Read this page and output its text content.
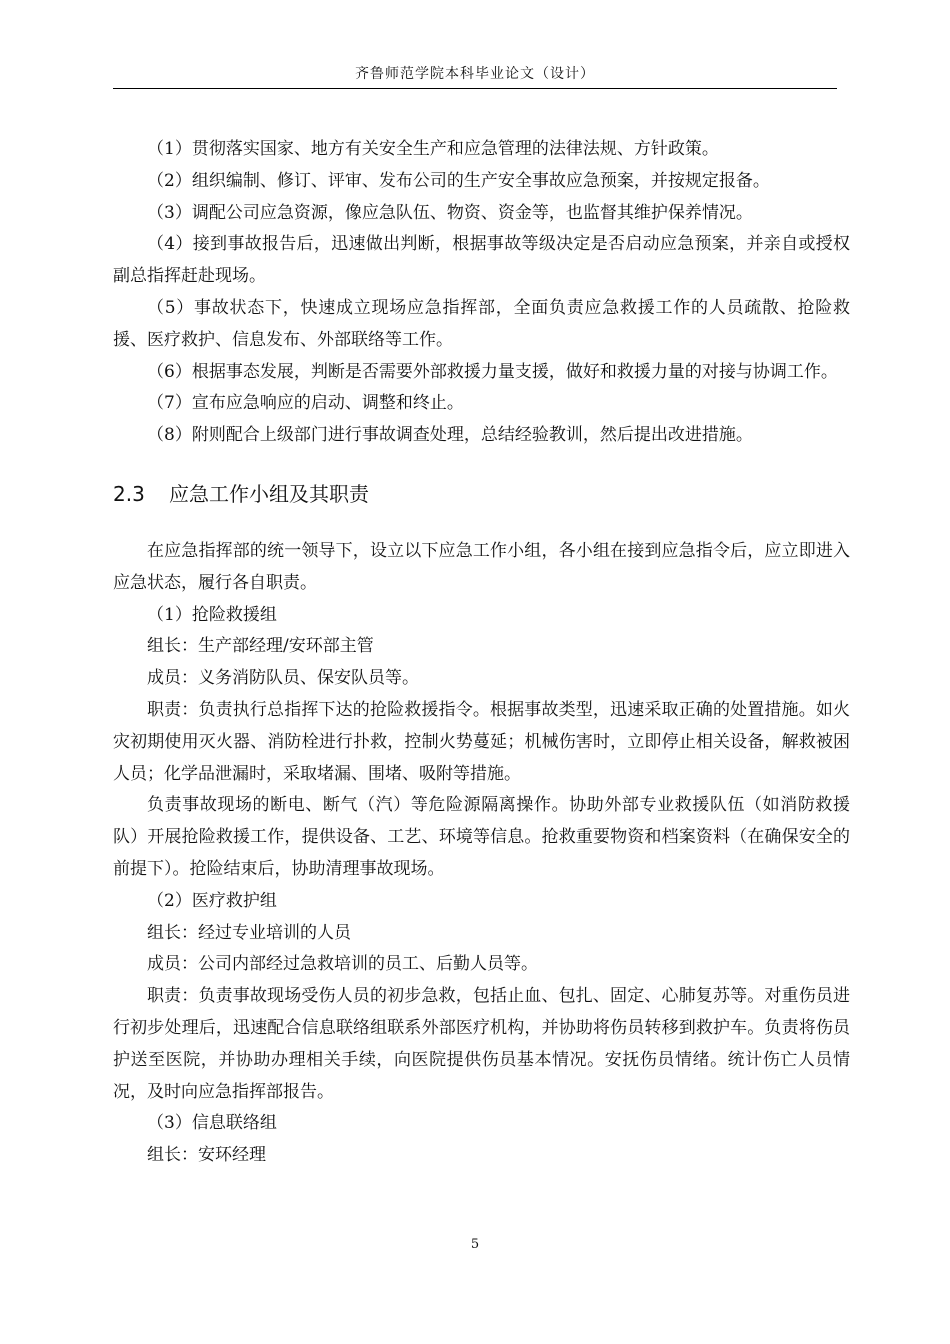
齐鲁师范学院本科毕业论文（设计）

（1）贯彻落实国家、地方有关安全生产和应急管理的法律法规、方针政策。

（2）组织编制、修订、评审、发布公司的生产安全事故应急预案，并按规定报备。

（3）调配公司应急资源，像应急队伍、物资、资金等，也监督其维护保养情况。

（4）接到事故报告后，迅速做出判断，根据事故等级决定是否启动应急预案，并亲自或授权副总指挥赶赴现场。

（5）事故状态下，快速成立现场应急指挥部，全面负责应急救援工作的人员疏散、抢险救援、医疗救护、信息发布、外部联络等工作。

（6）根据事态发展，判断是否需要外部救援力量支援，做好和救援力量的对接与协调工作。

（7）宣布应急响应的启动、调整和终止。

（8）附则配合上级部门进行事故调查处理，总结经验教训，然后提出改进措施。

2.3 应急工作小组及其职责

在应急指挥部的统一领导下，设立以下应急工作小组，各小组在接到应急指令后，应立即进入应急状态，履行各自职责。

（1）抢险救援组

组长：生产部经理/安环部主管

成员：义务消防队员、保安队员等。

职责：负责执行总指挥下达的抢险救援指令。根据事故类型，迅速采取正确的处置措施。如火灾初期使用灭火器、消防栓进行扑救，控制火势蔓延；机械伤害时，立即停止相关设备，解救被困人员；化学品泄漏时，采取堵漏、围堵、吸附等措施。

负责事故现场的断电、断气（汽）等危险源隔离操作。协助外部专业救援队伍（如消防救援队）开展抢险救援工作，提供设备、工艺、环境等信息。抢救重要物资和档案资料（在确保安全的前提下）。抢险结束后，协助清理事故现场。

（2）医疗救护组

组长：经过专业培训的人员

成员：公司内部经过急救培训的员工、后勤人员等。

职责：负责事故现场受伤人员的初步急救，包括止血、包扎、固定、心肺复苏等。对重伤员进行初步处理后，迅速配合信息联络组联系外部医疗机构，并协助将伤员转移到救护车。负责将伤员护送至医院，并协助办理相关手续，向医院提供伤员基本情况。安抚伤员情绪。统计伤亡人员情况，及时向应急指挥部报告。

（3）信息联络组

组长：安环经理

5
